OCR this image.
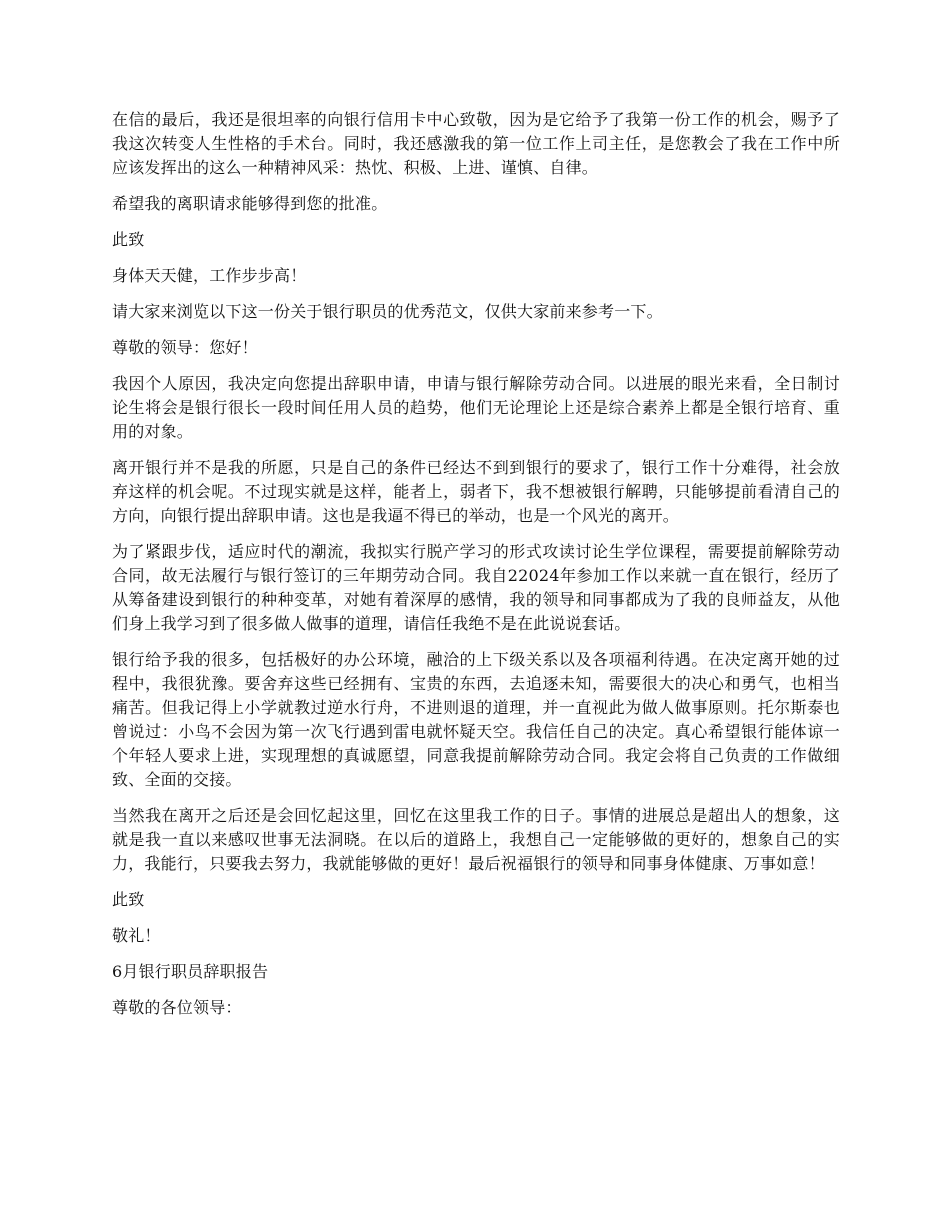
在信的最后，我还是很坦率的向银行信用卡中心致敬，因为是它给予了我第一份工作的机会，赐予了我这次转变人生性格的手术台。同时，我还感激我的第一位工作上司主任，是您教会了我在工作中所应该发挥出的这么一种精神风采：热忱、积极、上进、谨慎、自律。

希望我的离职请求能够得到您的批准。

此致

身体天天健，工作步步高！

请大家来浏览以下这一份关于银行职员的优秀范文，仅供大家前来参考一下。

尊敬的领导：您好！

我因个人原因，我决定向您提出辞职申请，申请与银行解除劳动合同。以进展的眼光来看，全日制讨论生将会是银行很长一段时间任用人员的趋势，他们无论理论上还是综合素养上都是全银行培育、重用的对象。

离开银行并不是我的所愿，只是自己的条件已经达不到到银行的要求了，银行工作十分难得，社会放弃这样的机会呢。不过现实就是这样，能者上，弱者下，我不想被银行解聘，只能够提前看清自己的方向，向银行提出辞职申请。这也是我逼不得已的举动，也是一个风光的离开。

为了紧跟步伐，适应时代的潮流，我拟实行脱产学习的形式攻读讨论生学位课程，需要提前解除劳动合同，故无法履行与银行签订的三年期劳动合同。我自22024年参加工作以来就一直在银行，经历了从筹备建设到银行的种种变革，对她有着深厚的感情，我的领导和同事都成为了我的良师益友，从他们身上我学习到了很多做人做事的道理，请信任我绝不是在此说说套话。

银行给予我的很多，包括极好的办公环境，融洽的上下级关系以及各项福利待遇。在决定离开她的过程中，我很犹豫。要舍弃这些已经拥有、宝贵的东西，去追逐未知，需要很大的决心和勇气，也相当痛苦。但我记得上小学就教过逆水行舟，不进则退的道理，并一直视此为做人做事原则。托尔斯泰也曾说过：小鸟不会因为第一次飞行遇到雷电就怀疑天空。我信任自己的决定。真心希望银行能体谅一个年轻人要求上进，实现理想的真诚愿望，同意我提前解除劳动合同。我定会将自己负责的工作做细致、全面的交接。

当然我在离开之后还是会回忆起这里，回忆在这里我工作的日子。事情的进展总是超出人的想象，这就是我一直以来感叹世事无法洞晓。在以后的道路上，我想自己一定能够做的更好的，想象自己的实力，我能行，只要我去努力，我就能够做的更好！最后祝福银行的领导和同事身体健康、万事如意！

此致

敬礼！

6月银行职员辞职报告

尊敬的各位领导：
